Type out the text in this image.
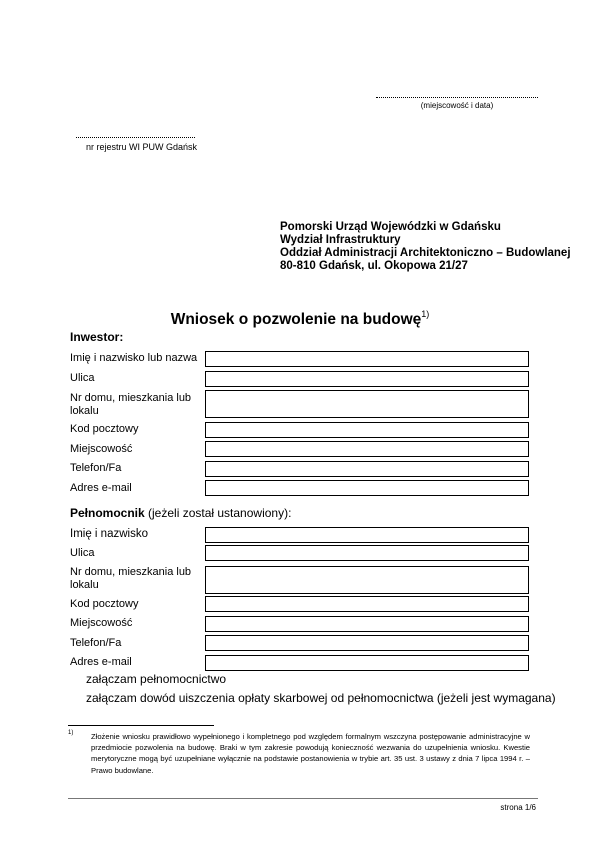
(miejscowość i data)
nr rejestru WI PUW Gdańsk
Pomorski Urząd Wojewódzki w Gdańsku
Wydział Infrastruktury
Oddział Administracji Architektoniczno – Budowlanej
80-810 Gdańsk, ul. Okopowa 21/27
Wniosek o pozwolenie na budowę$^{1)}$
Inwestor:
Imię i nazwisko lub nazwa
Ulica
Nr domu, mieszkania lub
lokalu
Kod pocztowy
Miejscowość
Telefon/Fa
Adres e-mail
Pełnomocnik (jeżeli został ustanowiony):
Imię i nazwisko
Ulica
Nr domu, mieszkania lub
lokalu
Kod pocztowy
Miejscowość
Telefon/Fa
Adres e-mail
załączam pełnomocnictwo
załączam dowód uiszczenia opłaty skarbowej od pełnomocnictwa (jeżeli jest wymagana)
1) Złożenie wniosku prawidłowo wypełnionego i kompletnego pod względem formalnym wszczyna postępowanie administracyjne w przedmiocie pozwolenia na budowę. Braki w tym zakresie powodują konieczność wezwania do uzupełnienia wniosku. Kwestie merytoryczne mogą być uzupełniane wyłącznie na podstawie postanowienia w trybie art. 35 ust. 3 ustawy z dnia 7 lipca 1994 r. – Prawo budowlane.
strona 1/6
